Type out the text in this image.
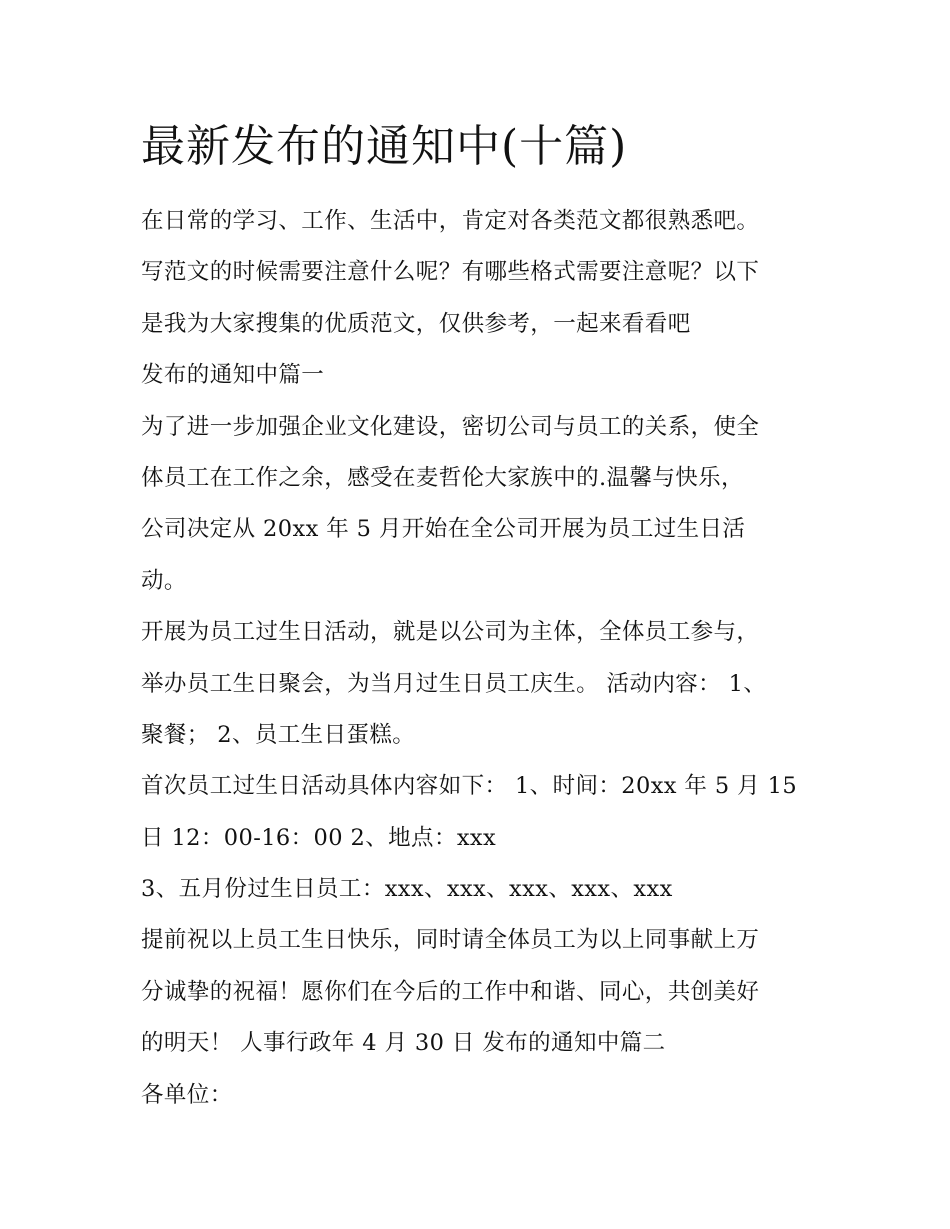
最新发布的通知中(十篇)
在日常的学习、工作、生活中，肯定对各类范文都很熟悉吧。
写范文的时候需要注意什么呢？有哪些格式需要注意呢？以下
是我为大家搜集的优质范文，仅供参考，一起来看看吧
发布的通知中篇一
为了进一步加强企业文化建设，密切公司与员工的关系，使全
体员工在工作之余，感受在麦哲伦大家族中的.温馨与快乐，
公司决定从 20xx 年 5 月开始在全公司开展为员工过生日活
动。
开展为员工过生日活动，就是以公司为主体，全体员工参与，
举办员工生日聚会，为当月过生日员工庆生。 活动内容： 1、
聚餐； 2、员工生日蛋糕。
首次员工过生日活动具体内容如下： 1、时间：20xx 年 5 月 15
日 12：00-16：00 2、地点：xxx
3、五月份过生日员工：xxx、xxx、xxx、xxx、xxx
提前祝以上员工生日快乐，同时请全体员工为以上同事献上万
分诚挚的祝福！愿你们在今后的工作中和谐、同心，共创美好
的明天！ 人事行政年 4 月 30 日 发布的通知中篇二
各单位：
